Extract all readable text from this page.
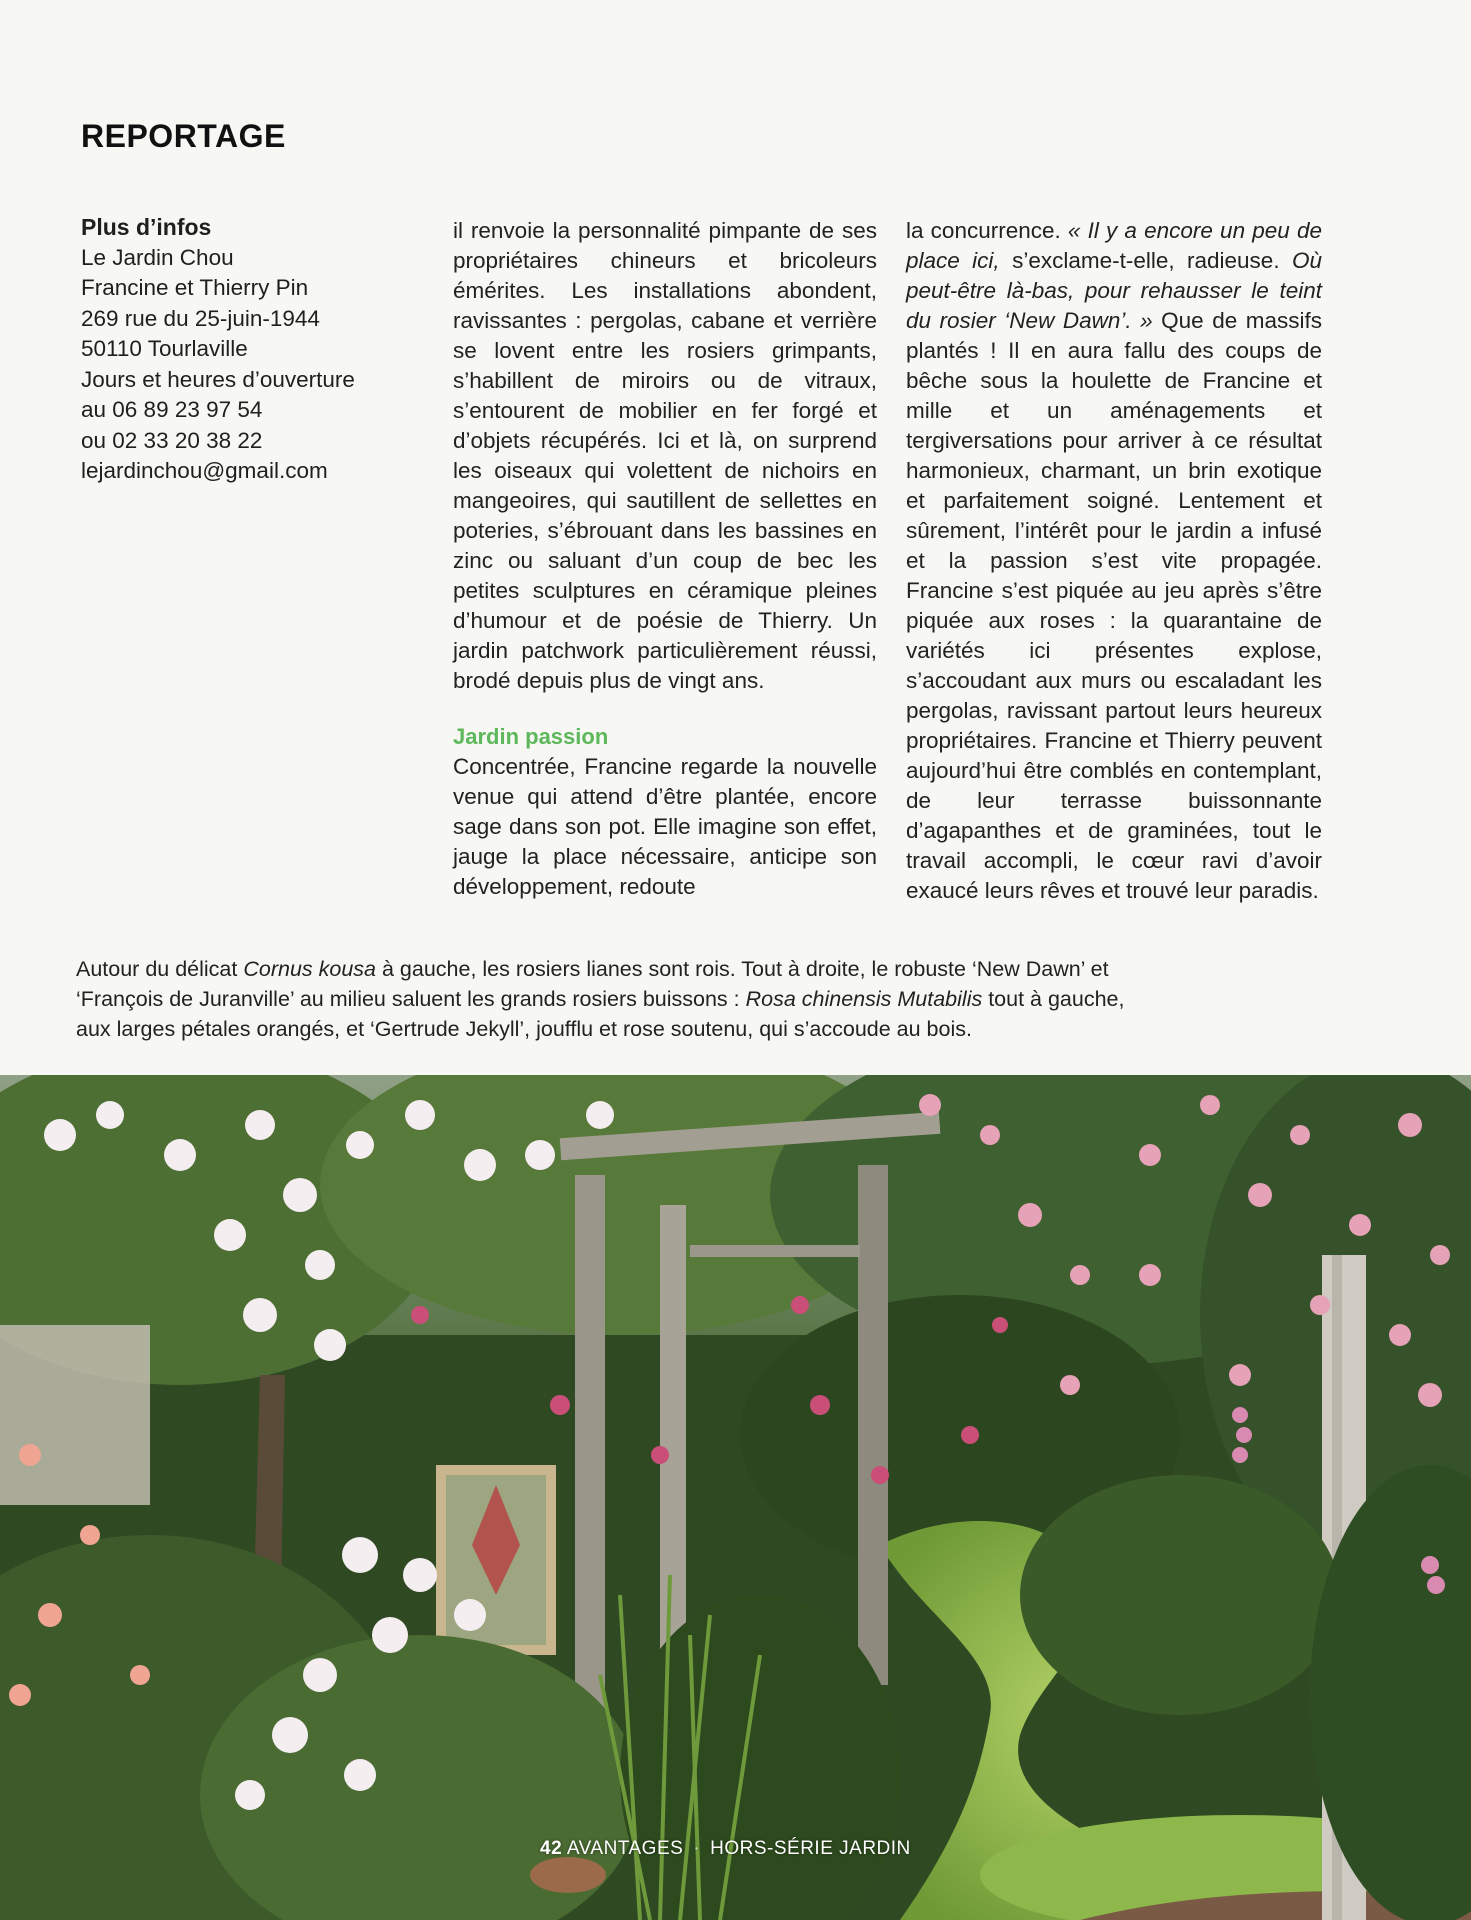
REPORTAGE
Plus d’infos
Le Jardin Chou
Francine et Thierry Pin
269 rue du 25-juin-1944
50110 Tourlaville
Jours et heures d’ouverture
au 06 89 23 97 54
ou 02 33 20 38 22
lejardinchou@gmail.com

il renvoie la personnalité pimpante de ses propriétaires chineurs et bricoleurs émérites. Les installations abondent, ravissantes : pergolas, cabane et verrière se lovent entre les rosiers grimpants, s’habillent de miroirs ou de vitraux, s’entourent de mobilier en fer forgé et d’objets récupérés. Ici et là, on surprend les oiseaux qui volettent de nichoirs en mangeoires, qui sautillent de sellettes en poteries, s’ébrouant dans les bassines en zinc ou saluant d’un coup de bec les petites sculptures en céramique pleines d’humour et de poésie de Thierry. Un jardin patchwork particulièrement réussi, brodé depuis plus de vingt ans.

Jardin passion

Concentrée, Francine regarde la nouvelle venue qui attend d’être plantée, encore sage dans son pot. Elle imagine son effet, jauge la place nécessaire, anticipe son développement, redoute

la concurrence. « Il y a encore un peu de place ici, s’exclame-t-elle, radieuse. Où peut-être là-bas, pour rehausser le teint du rosier ‘New Dawn’. » Que de massifs plantés ! Il en aura fallu des coups de bêche sous la houlette de Francine et mille et un aménagements et tergiversations pour arriver à ce résultat harmonieux, charmant, un brin exotique et parfaitement soigné. Lentement et sûrement, l’intérêt pour le jardin a infusé et la passion s’est vite propagée. Francine s’est piquée au jeu après s’être piquée aux roses : la quarantaine de variétés ici présentes explose, s’accoudant aux murs ou escaladant les pergolas, ravissant partout leurs heureux propriétaires. Francine et Thierry peuvent aujourd’hui être comblés en contemplant, de leur terrasse buissonnante d’agapanthes et de graminées, tout le travail accompli, le cœur ravi d’avoir exaucé leurs rêves et trouvé leur paradis.

Autour du délicat Cornus kousa à gauche, les rosiers lianes sont rois. Tout à droite, le robuste ‘New Dawn’ et ‘François de Juranville’ au milieu saluent les grands rosiers buissons : Rosa chinensis Mutabilis tout à gauche, aux larges pétales orangés, et ‘Gertrude Jekyll’, joufflu et rose soutenu, qui s’accoude au bois.
42 AVANTAGES · HORS-SÉRIE JARDIN
